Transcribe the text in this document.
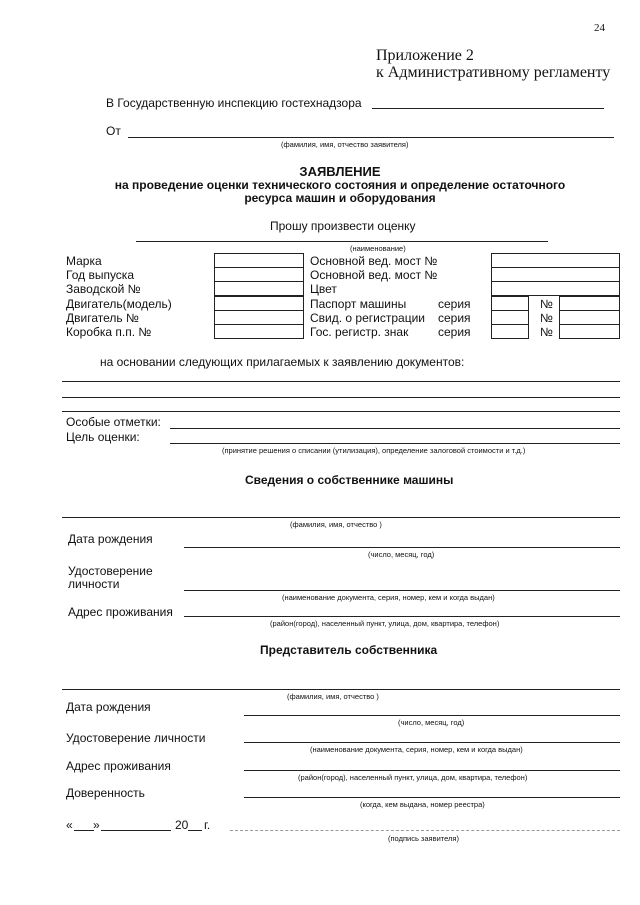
24
Приложение 2
к Административному регламенту
В Государственную инспекцию гостехнадзора
От
(фамилия, имя, отчество заявителя)
ЗАЯВЛЕНИЕ
на проведение оценки технического состояния и определение остаточного
ресурса машин и оборудования
Прошу произвести оценку
(наименование)
Марка
Год выпуска
Заводской №
Двигатель(модель)
Двигатель №
Коробка п.п. №
Основной вед. мост №
Основной вед. мост №
Цвет
Паспорт машины
Свид. о регистрации
Гос. регистр. знак
серия
серия
серия
№
№
№
на основании следующих прилагаемых к заявлению документов:
Особые отметки:
Цель оценки:
(принятие решения о списании (утилизация), определение залоговой стоимости и т.д.)
Сведения о собственнике машины
(фамилия, имя, отчество )
Дата рождения
(число, месяц, год)
Удостоверение
личности
(наименование документа, серия, номер, кем и когда выдан)
Адрес проживания
(район(город), населенный пункт, улица, дом, квартира, телефон)
Представитель собственника
(фамилия, имя, отчество )
Дата рождения
(число, месяц, год)
Удостоверение личности
(наименование документа, серия, номер, кем и когда выдан)
Адрес проживания
(район(город), населенный пункт, улица, дом, квартира, телефон)
Доверенность
(когда, кем выдана, номер реестра)
« »	20 г.
(подпись заявителя)
